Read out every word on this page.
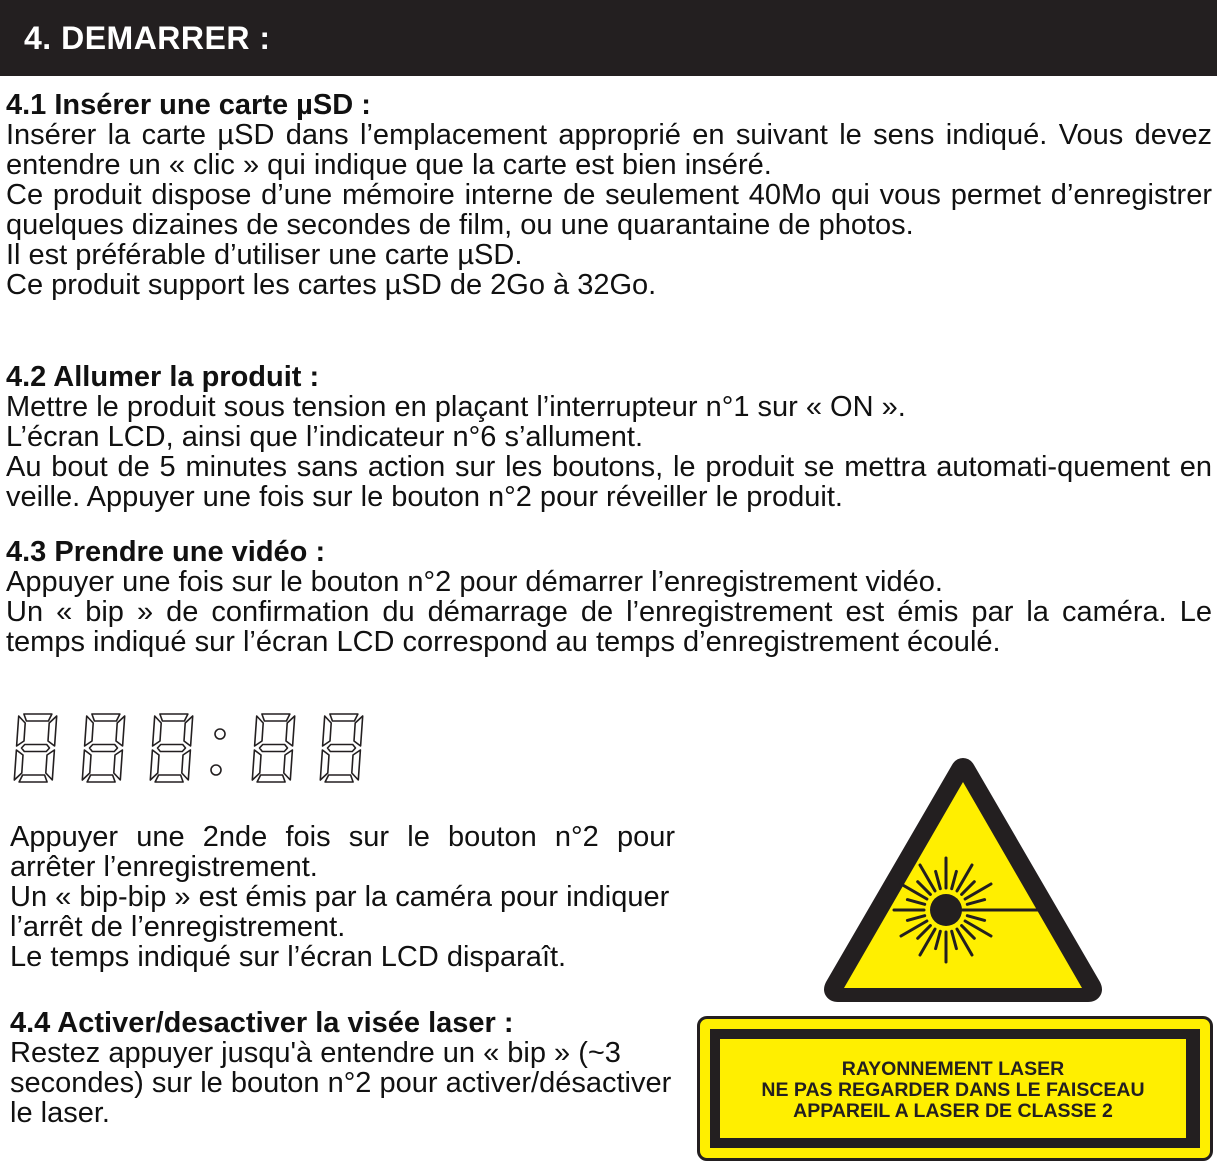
4. DEMARRER :
4.1 Insérer une carte µSD :

Insérer la carte µSD dans l’emplacement approprié en suivant le sens indiqué. Vous devez entendre un « clic » qui indique que la carte est bien inséré.

Ce produit dispose d’une mémoire interne de seulement 40Mo qui vous permet d’enregistrer quelques dizaines de secondes de film, ou une quarantaine de photos.

Il est préférable d’utiliser une carte µSD.

Ce produit support les cartes µSD de 2Go à 32Go.

4.2 Allumer la produit :

Mettre le produit sous tension en plaçant l’interrupteur n°1 sur « ON ».

L’écran LCD, ainsi que l’indicateur n°6 s’allument.

Au bout de 5 minutes sans action sur les boutons, le produit se mettra automati-quement en veille. Appuyer une fois sur le bouton n°2 pour réveiller le produit.

4.3 Prendre une vidéo :

Appuyer une fois sur le bouton n°2 pour démarrer l’enregistrement vidéo.

Un « bip » de confirmation du démarrage de l’enregistrement est émis par la caméra. Le temps indiqué sur l’écran LCD correspond au temps d’enregistrement écoulé.

Appuyer une 2nde fois sur le bouton n°2 pour arrêter l’enregistrement.

Un « bip-bip » est émis par la caméra pour indiquer l’arrêt de l’enregistrement.

Le temps indiqué sur l’écran LCD disparaît.

4.4 Activer/desactiver la visée laser :

Restez appuyer jusqu'à entendre un « bip » (~3 secondes) sur le bouton n°2 pour activer/désactiver le laser.

RAYONNEMENT LASER
NE PAS REGARDER DANS LE FAISCEAU
APPAREIL A LASER DE CLASSE 2
